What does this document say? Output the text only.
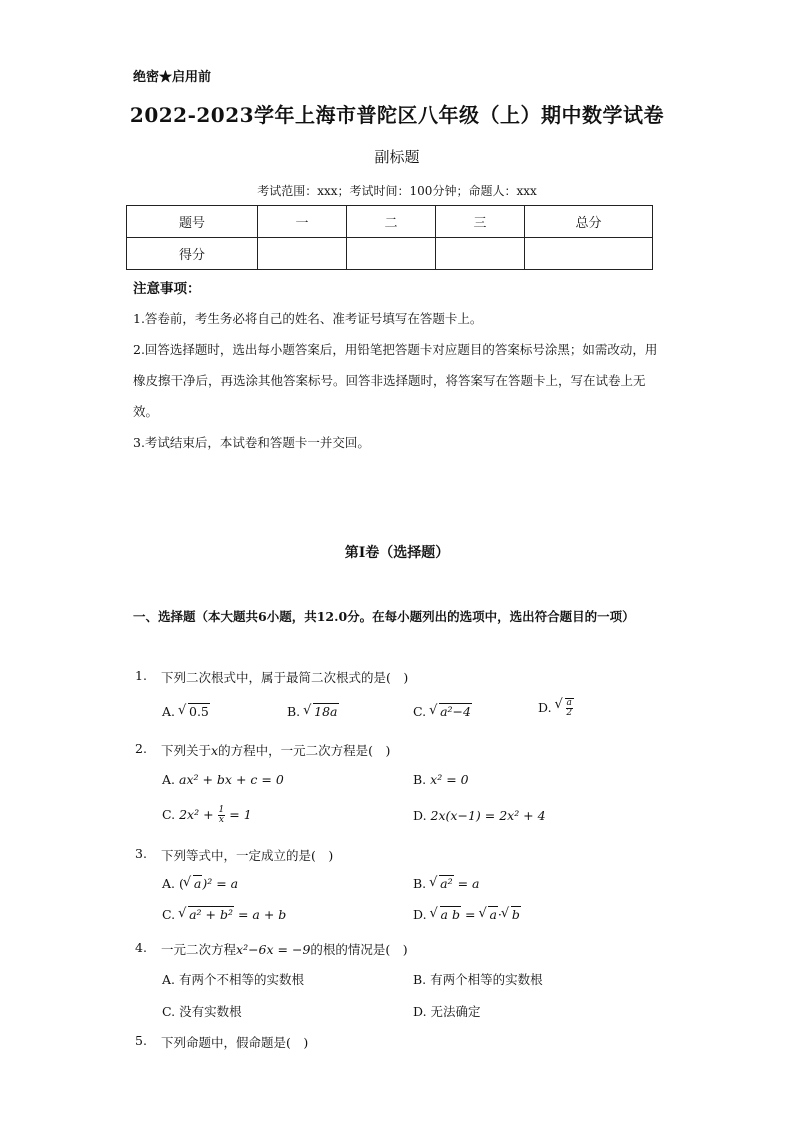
绝密★启用前
2022-2023学年上海市普陀区八年级（上）期中数学试卷
副标题
考试范围：xxx；考试时间：100分钟；命题人：xxx
题号	一	二	三	总分
得分				
注意事项：
1.答卷前，考生务必将自己的姓名、准考证号填写在答题卡上。
2.回答选择题时，选出每小题答案后，用铅笔把答题卡对应题目的答案标号涂黑；如需改动，用橡皮擦干净后，再选涂其他答案标号。回答非选择题时，将答案写在答题卡上，写在试卷上无效。
3.考试结束后，本试卷和答题卡一并交回。
第I卷（选择题）
一、选择题（本大题共6小题，共12.0分。在每小题列出的选项中，选出符合题目的一项）
1. 下列二次根式中，属于最简二次根式的是(　)
A. √ 0.5	B. √ 18a	C. √ a²−4	D. √ $\frac{a}{2}$
2. 下列关于x的方程中，一元二次方程是(　)
A. ax² + bx + c = 0	B. x² = 0
C. $2x^2 + \frac{1}{x} = 1$	D. 2x(x−1) = 2x² + 4
3. 下列等式中，一定成立的是(　)
A. ( √ a)² = a	B. √ a² = a
C. √ a² + b² = a + b	D. √ a b = √ a· √ b
4. 一元二次方程x²−6x = −9的根的情况是(　)
A. 有两个不相等的实数根	B. 有两个相等的实数根
C. 没有实数根	D. 无法确定
5. 下列命题中，假命题是(　)
